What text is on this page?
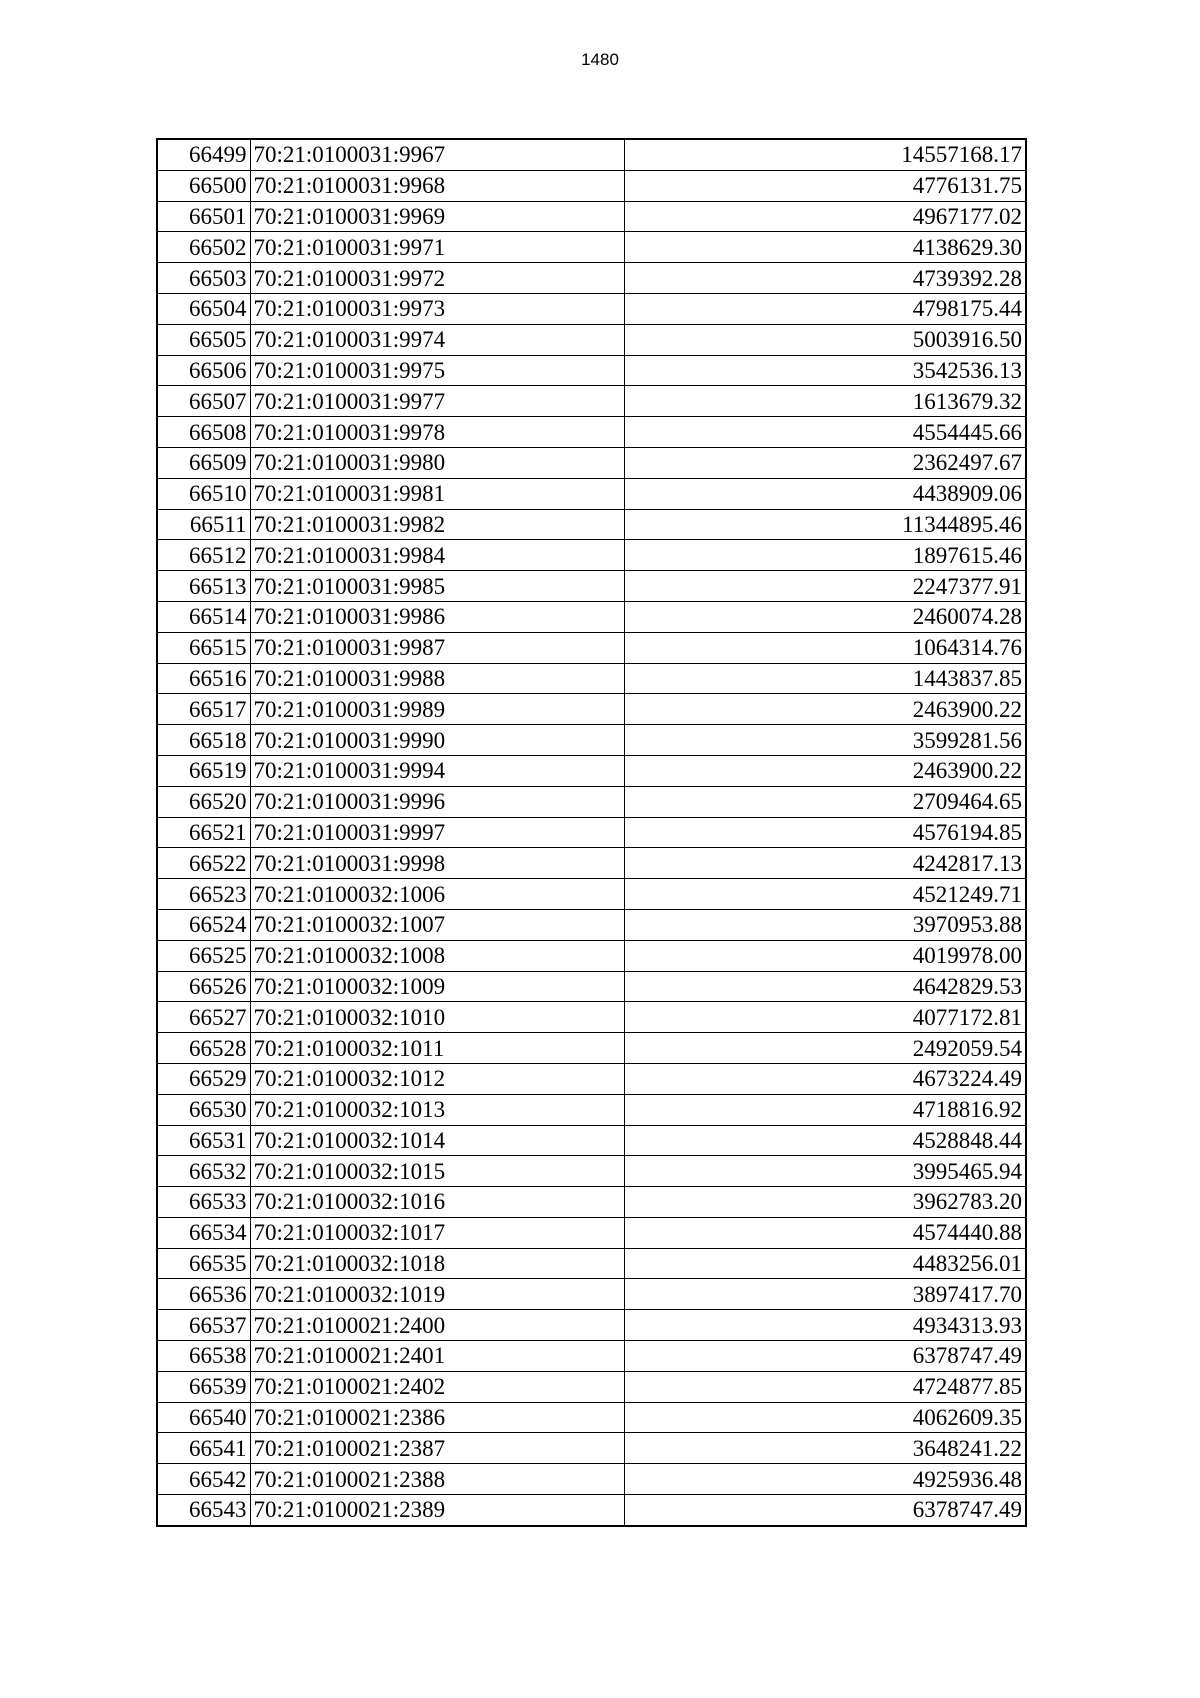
1480
66499	70:21:0100031:9967	14557168.17
66500	70:21:0100031:9968	4776131.75
66501	70:21:0100031:9969	4967177.02
66502	70:21:0100031:9971	4138629.30
66503	70:21:0100031:9972	4739392.28
66504	70:21:0100031:9973	4798175.44
66505	70:21:0100031:9974	5003916.50
66506	70:21:0100031:9975	3542536.13
66507	70:21:0100031:9977	1613679.32
66508	70:21:0100031:9978	4554445.66
66509	70:21:0100031:9980	2362497.67
66510	70:21:0100031:9981	4438909.06
66511	70:21:0100031:9982	11344895.46
66512	70:21:0100031:9984	1897615.46
66513	70:21:0100031:9985	2247377.91
66514	70:21:0100031:9986	2460074.28
66515	70:21:0100031:9987	1064314.76
66516	70:21:0100031:9988	1443837.85
66517	70:21:0100031:9989	2463900.22
66518	70:21:0100031:9990	3599281.56
66519	70:21:0100031:9994	2463900.22
66520	70:21:0100031:9996	2709464.65
66521	70:21:0100031:9997	4576194.85
66522	70:21:0100031:9998	4242817.13
66523	70:21:0100032:1006	4521249.71
66524	70:21:0100032:1007	3970953.88
66525	70:21:0100032:1008	4019978.00
66526	70:21:0100032:1009	4642829.53
66527	70:21:0100032:1010	4077172.81
66528	70:21:0100032:1011	2492059.54
66529	70:21:0100032:1012	4673224.49
66530	70:21:0100032:1013	4718816.92
66531	70:21:0100032:1014	4528848.44
66532	70:21:0100032:1015	3995465.94
66533	70:21:0100032:1016	3962783.20
66534	70:21:0100032:1017	4574440.88
66535	70:21:0100032:1018	4483256.01
66536	70:21:0100032:1019	3897417.70
66537	70:21:0100021:2400	4934313.93
66538	70:21:0100021:2401	6378747.49
66539	70:21:0100021:2402	4724877.85
66540	70:21:0100021:2386	4062609.35
66541	70:21:0100021:2387	3648241.22
66542	70:21:0100021:2388	4925936.48
66543	70:21:0100021:2389	6378747.49
